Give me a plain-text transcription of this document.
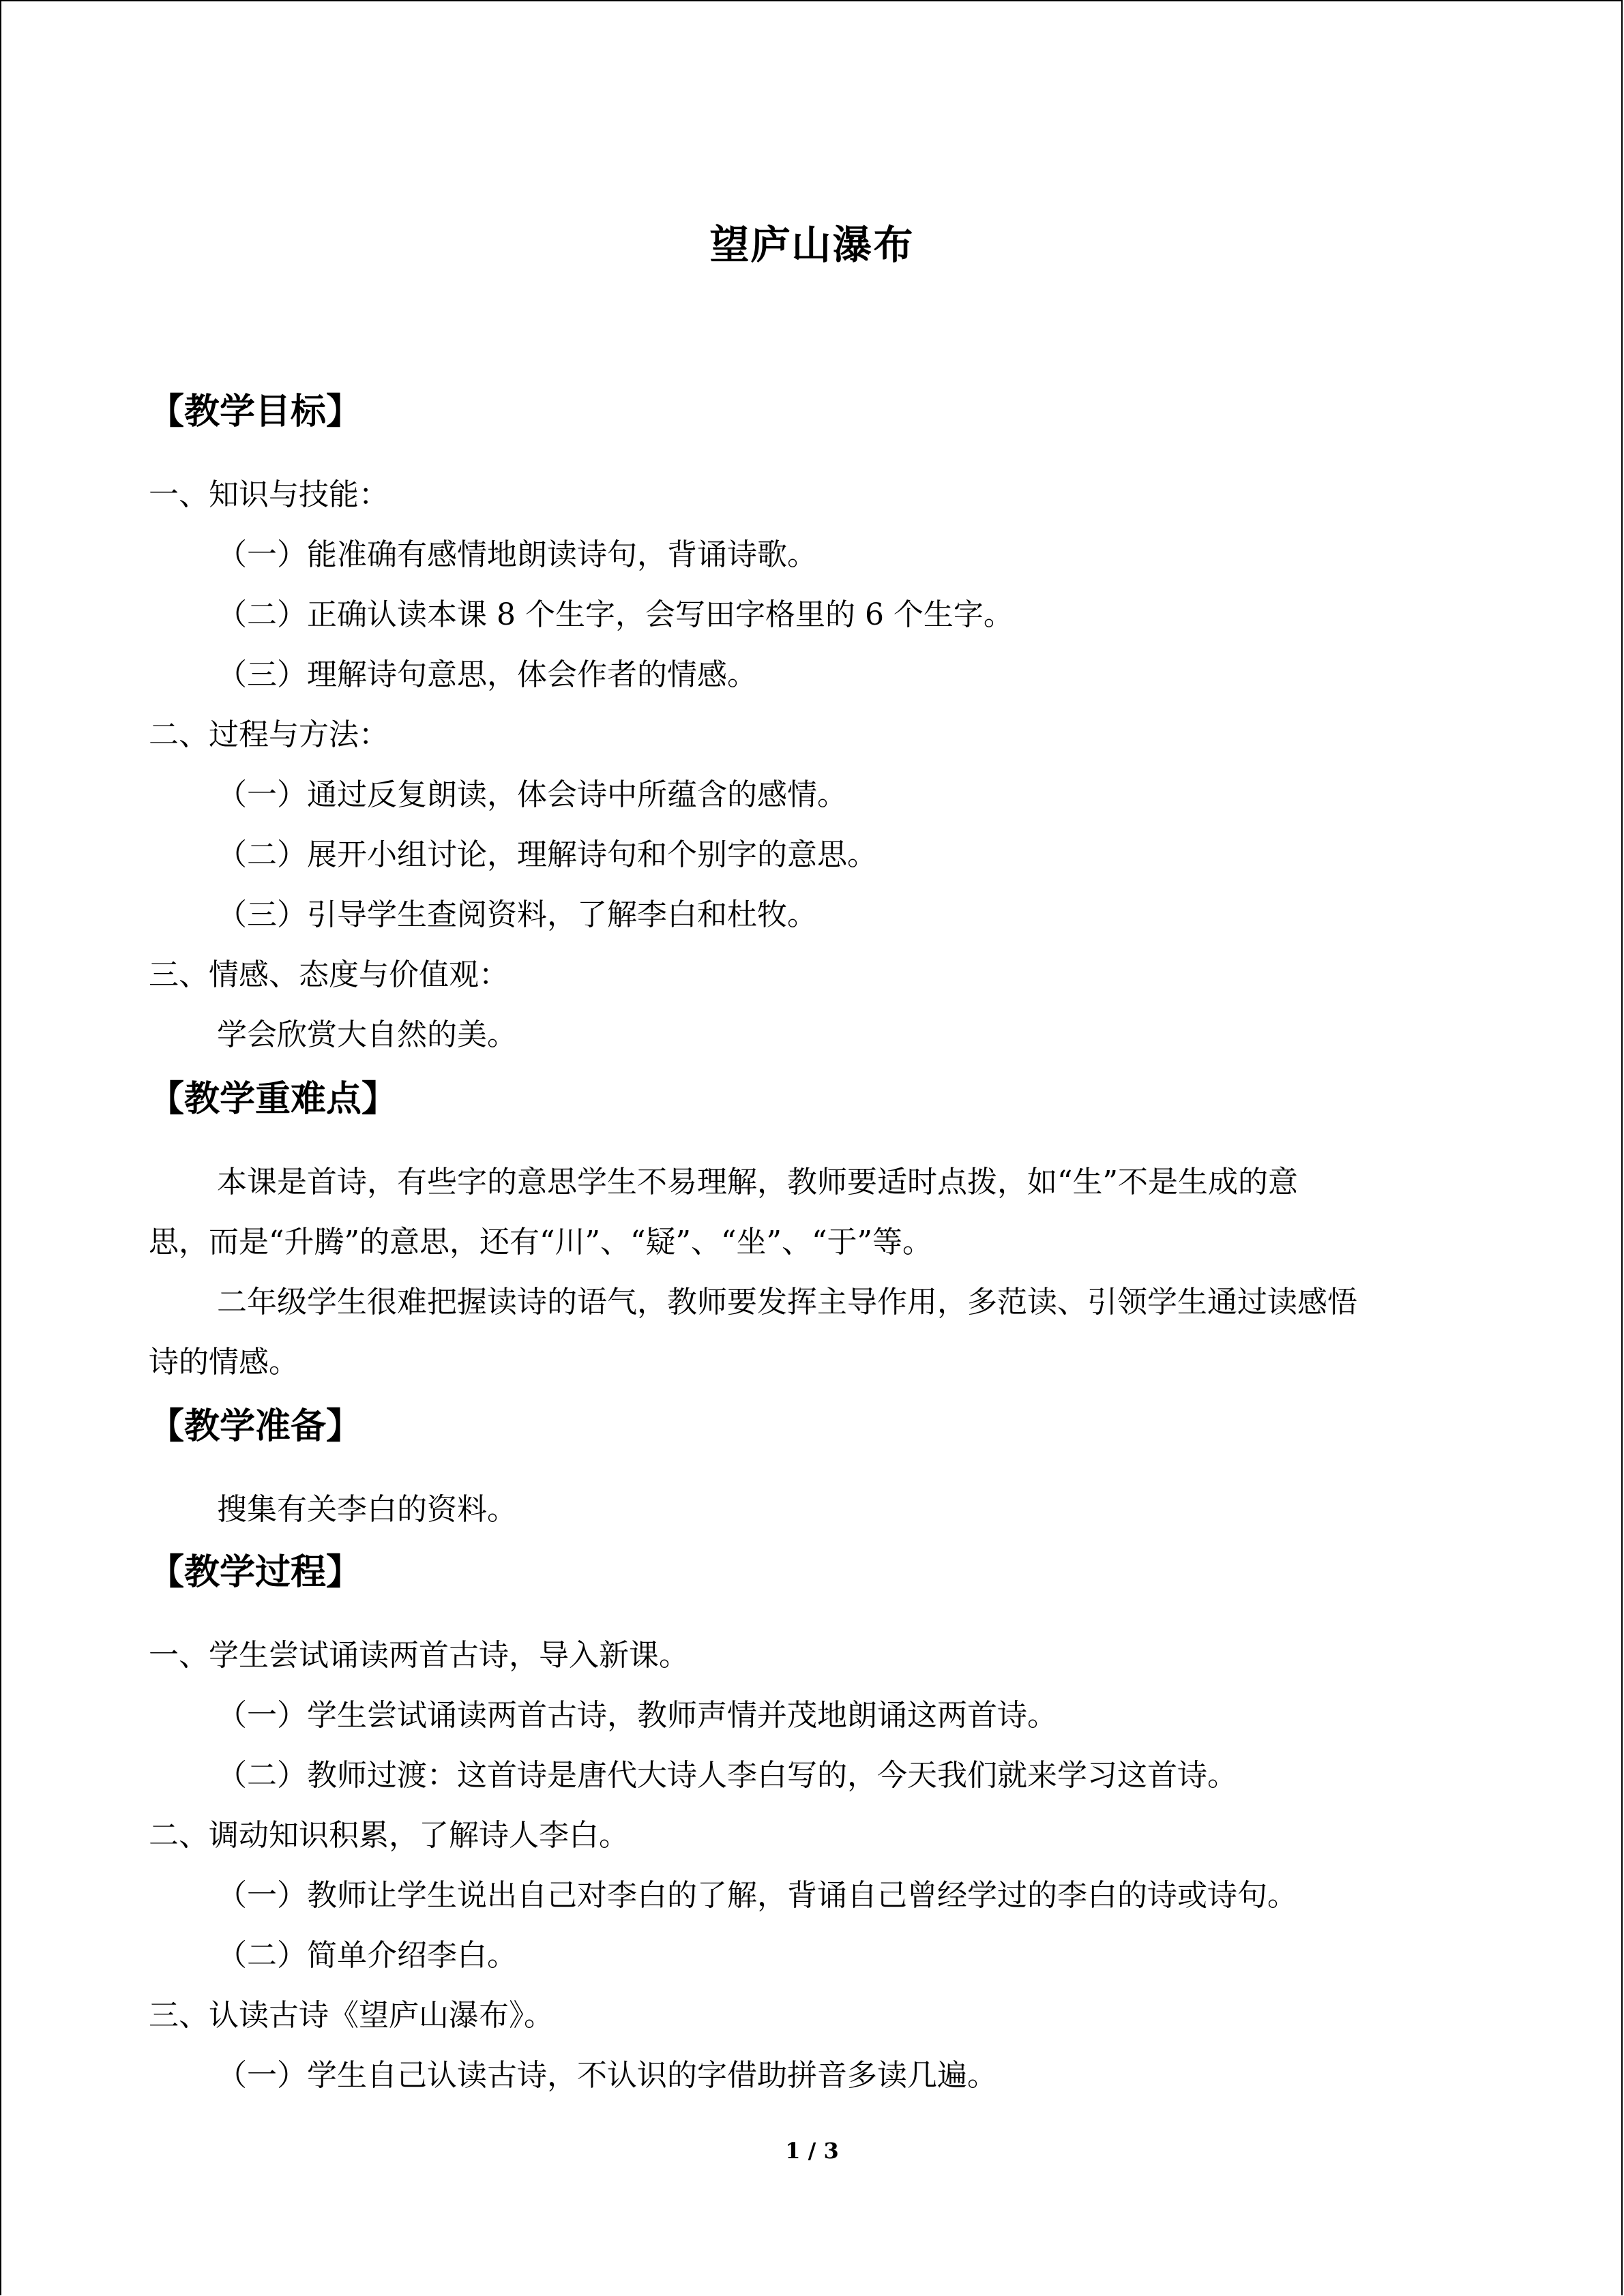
望庐山瀑布
【教学目标】
一、知识与技能：
（一）能准确有感情地朗读诗句，背诵诗歌。
（二）正确认读本课 8 个生字，会写田字格里的 6 个生字。
（三）理解诗句意思，体会作者的情感。
二、过程与方法：
（一）通过反复朗读，体会诗中所蕴含的感情。
（二）展开小组讨论，理解诗句和个别字的意思。
（三）引导学生查阅资料，了解李白和杜牧。
三、情感、态度与价值观：
学会欣赏大自然的美。
【教学重难点】
本课是首诗，有些字的意思学生不易理解，教师要适时点拨，如“生”不是生成的意
思，而是“升腾”的意思，还有“川”、“疑”、“坐”、“于”等。
二年级学生很难把握读诗的语气，教师要发挥主导作用，多范读、引领学生通过读感悟
诗的情感。
【教学准备】
搜集有关李白的资料。
【教学过程】
一、学生尝试诵读两首古诗，导入新课。
（一）学生尝试诵读两首古诗，教师声情并茂地朗诵这两首诗。
（二）教师过渡：这首诗是唐代大诗人李白写的，今天我们就来学习这首诗。
二、调动知识积累，了解诗人李白。
（一）教师让学生说出自己对李白的了解，背诵自己曾经学过的李白的诗或诗句。
（二）简单介绍李白。
三、认读古诗《望庐山瀑布》。
（一）学生自己认读古诗，不认识的字借助拼音多读几遍。
1 / 3
